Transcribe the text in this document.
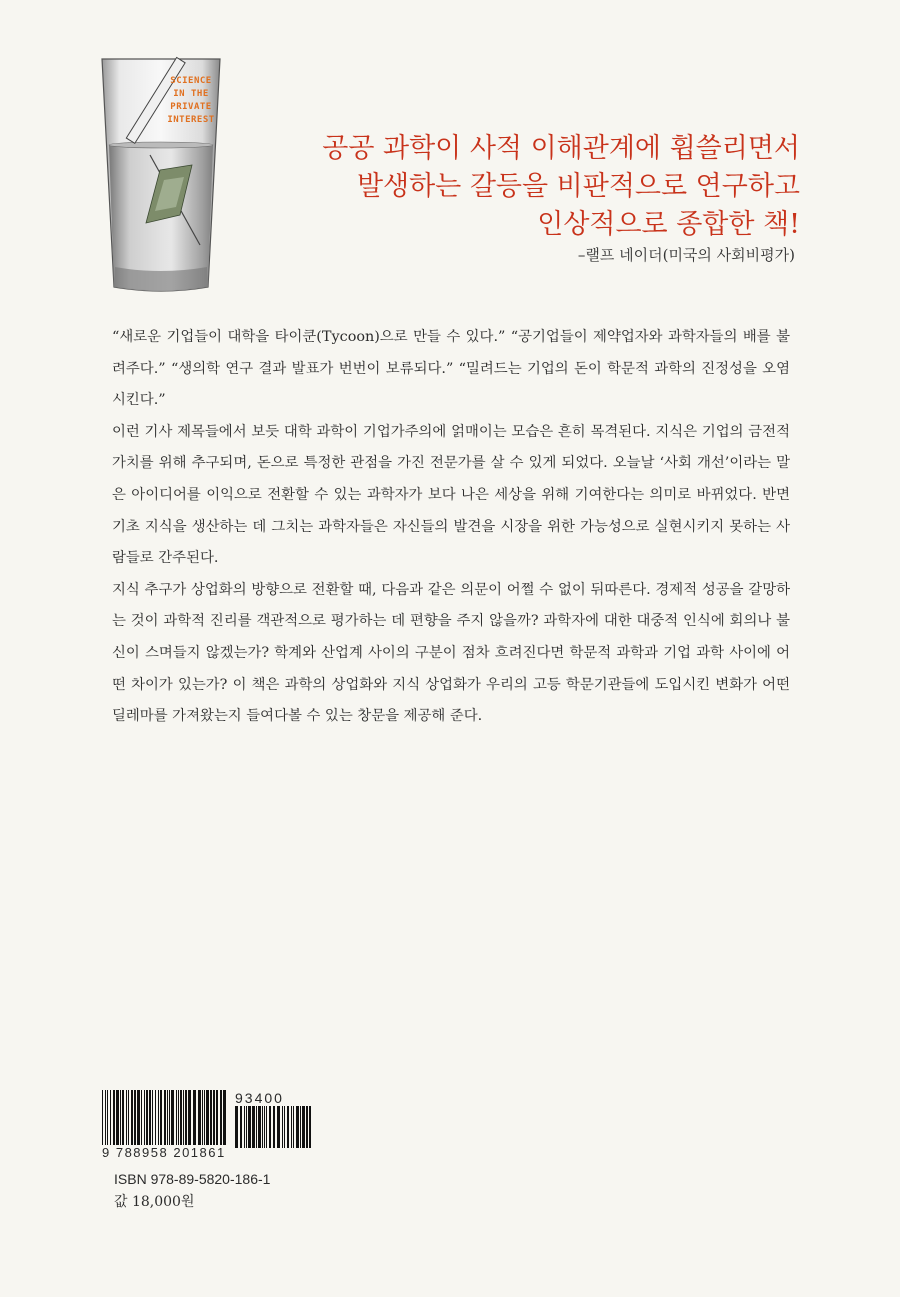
SCIENCE
IN THE
PRIVATE
INTEREST
공공 과학이 사적 이해관계에 휩쓸리면서
발생하는 갈등을 비판적으로 연구하고
인상적으로 종합한 책!
–랠프 네이더(미국의 사회비평가)

“새로운 기업들이 대학을 타이쿤(Tycoon)으로 만들 수 있다.” “공기업들이 제약업자와 과학자들의 배를 불려주다.” “생의학 연구 결과 발표가 번번이 보류되다.” “밀려드는 기업의 돈이 학문적 과학의 진정성을 오염시킨다.”

이런 기사 제목들에서 보듯 대학 과학이 기업가주의에 얽매이는 모습은 흔히 목격된다. 지식은 기업의 금전적 가치를 위해 추구되며, 돈으로 특정한 관점을 가진 전문가를 살 수 있게 되었다. 오늘날 ‘사회 개선’이라는 말은 아이디어를 이익으로 전환할 수 있는 과학자가 보다 나은 세상을 위해 기여한다는 의미로 바뀌었다. 반면 기초 지식을 생산하는 데 그치는 과학자들은 자신들의 발견을 시장을 위한 가능성으로 실현시키지 못하는 사람들로 간주된다.

지식 추구가 상업화의 방향으로 전환할 때, 다음과 같은 의문이 어쩔 수 없이 뒤따른다. 경제적 성공을 갈망하는 것이 과학적 진리를 객관적으로 평가하는 데 편향을 주지 않을까? 과학자에 대한 대중적 인식에 회의나 불신이 스며들지 않겠는가? 학계와 산업계 사이의 구분이 점차 흐려진다면 학문적 과학과 기업 과학 사이에 어떤 차이가 있는가? 이 책은 과학의 상업화와 지식 상업화가 우리의 고등 학문기관들에 도입시킨 변화가 어떤 딜레마를 가져왔는지 들여다볼 수 있는 창문을 제공해 준다.

93400
9 788958 201861
ISBN 978-89-5820-186-1
값 18,000원
